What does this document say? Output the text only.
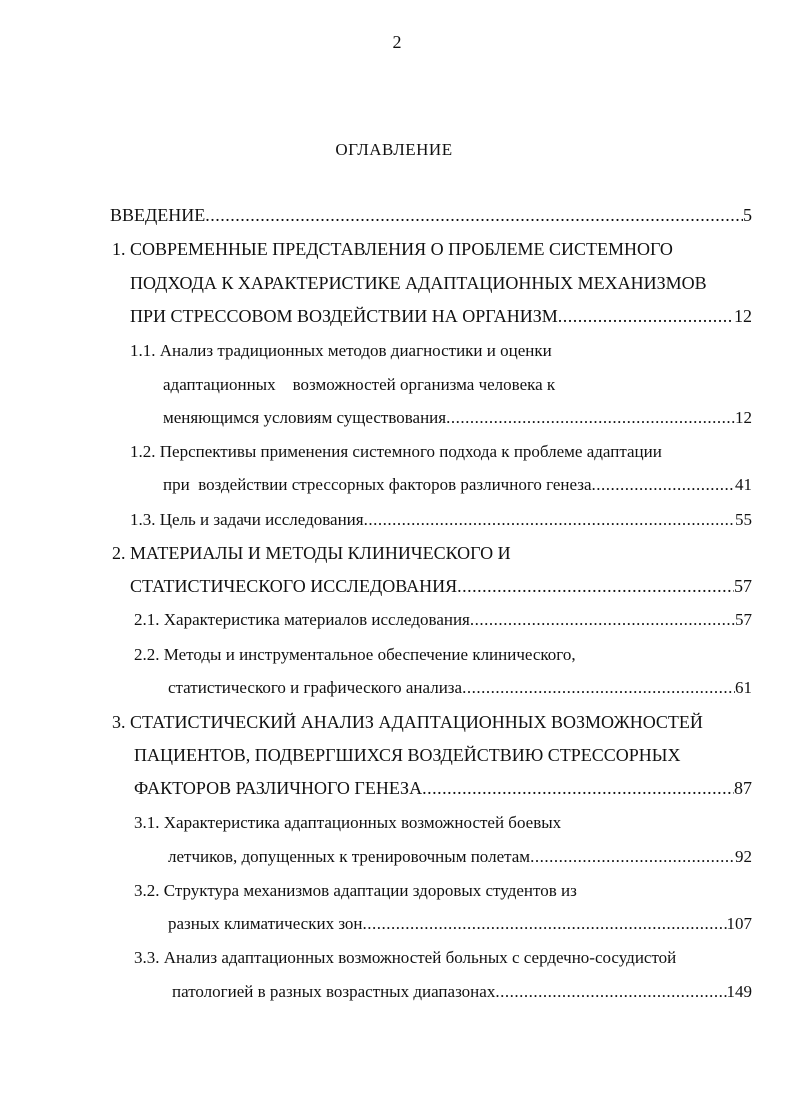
2
ОГЛАВЛЕНИЕ
ВВЕДЕНИЕ .....	5
1. СОВРЕМЕННЫЕ ПРЕДСТАВЛЕНИЯ О ПРОБЛЕМЕ СИСТЕМНОГО
ПОДХОДА К ХАРАКТЕРИСТИКЕ АДАПТАЦИОННЫХ МЕХАНИЗМОВ
ПРИ СТРЕССОВОМ ВОЗДЕЙСТВИИ НА ОРГАНИЗМ .....	12
1.1. Анализ традиционных методов диагностики и оценки
адаптационных    возможностей организма человека к
меняющимся условиям существования .....	12
1.2. Перспективы применения системного подхода к проблеме адаптации
при  воздействии стрессорных факторов различного генеза .....	41
1.3. Цель и задачи исследования .....	55
2. МАТЕРИАЛЫ И МЕТОДЫ КЛИНИЧЕСКОГО И
СТАТИСТИЧЕСКОГО ИССЛЕДОВАНИЯ .....	57
2.1. Характеристика материалов исследования .....	57
2.2. Методы и инструментальное обеспечение клинического,
статистического и графического анализа .....	61
3. СТАТИСТИЧЕСКИЙ АНАЛИЗ АДАПТАЦИОННЫХ ВОЗМОЖНОСТЕЙ
ПАЦИЕНТОВ, ПОДВЕРГШИХСЯ ВОЗДЕЙСТВИЮ СТРЕССОРНЫХ
ФАКТОРОВ РАЗЛИЧНОГО ГЕНЕЗА .....	87
3.1. Характеристика адаптационных возможностей боевых
летчиков, допущенных к тренировочным полетам .....	92
3.2. Структура механизмов адаптации здоровых студентов из
разных климатических зон .....	107
3.3. Анализ адаптационных возможностей больных с сердечно-сосудистой
патологией в разных возрастных диапазонах .....	149
